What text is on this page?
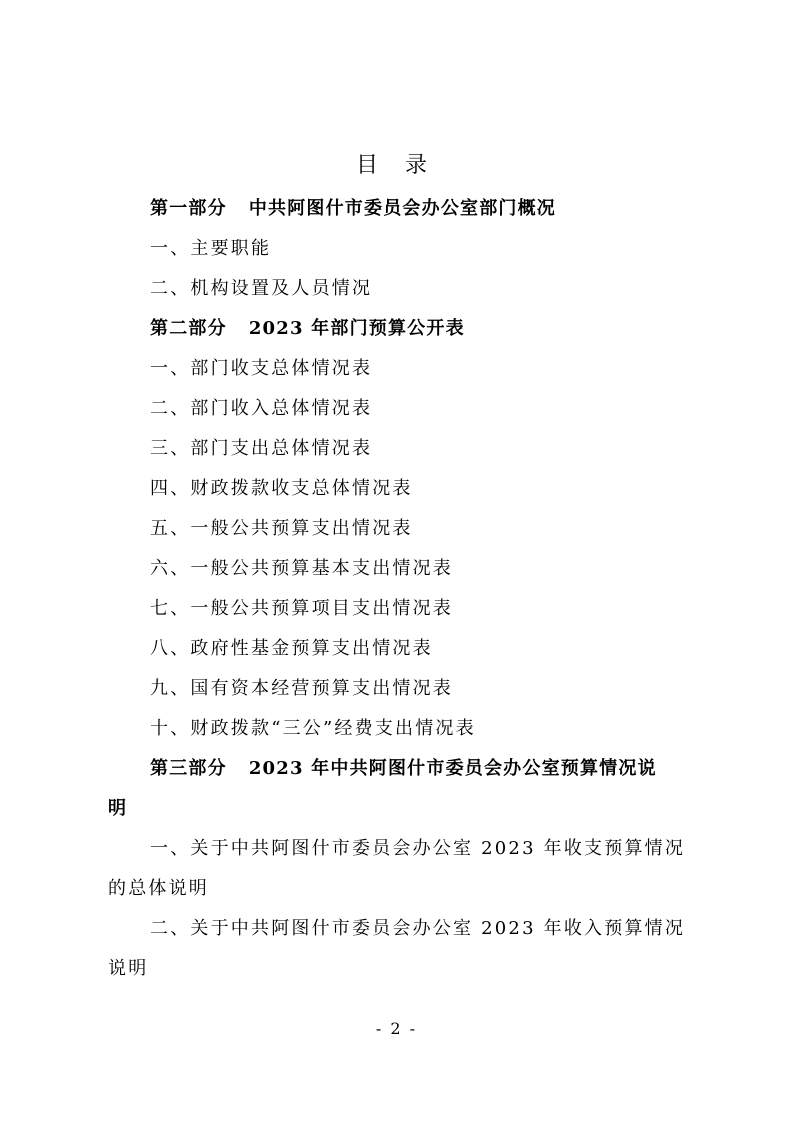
目 录
第一部分 中共阿图什市委员会办公室部门概况
一、主要职能
二、机构设置及人员情况
第二部分 2023 年部门预算公开表
一、部门收支总体情况表
二、部门收入总体情况表
三、部门支出总体情况表
四、财政拨款收支总体情况表
五、一般公共预算支出情况表
六、一般公共预算基本支出情况表
七、一般公共预算项目支出情况表
八、政府性基金预算支出情况表
九、国有资本经营预算支出情况表
十、财政拨款“三公”经费支出情况表
第三部分 2023 年中共阿图什市委员会办公室预算情况说
明
一、关于中共阿图什市委员会办公室 2023 年收支预算情况
的总体说明
二、关于中共阿图什市委员会办公室 2023 年收入预算情况
说明
- 2 -
